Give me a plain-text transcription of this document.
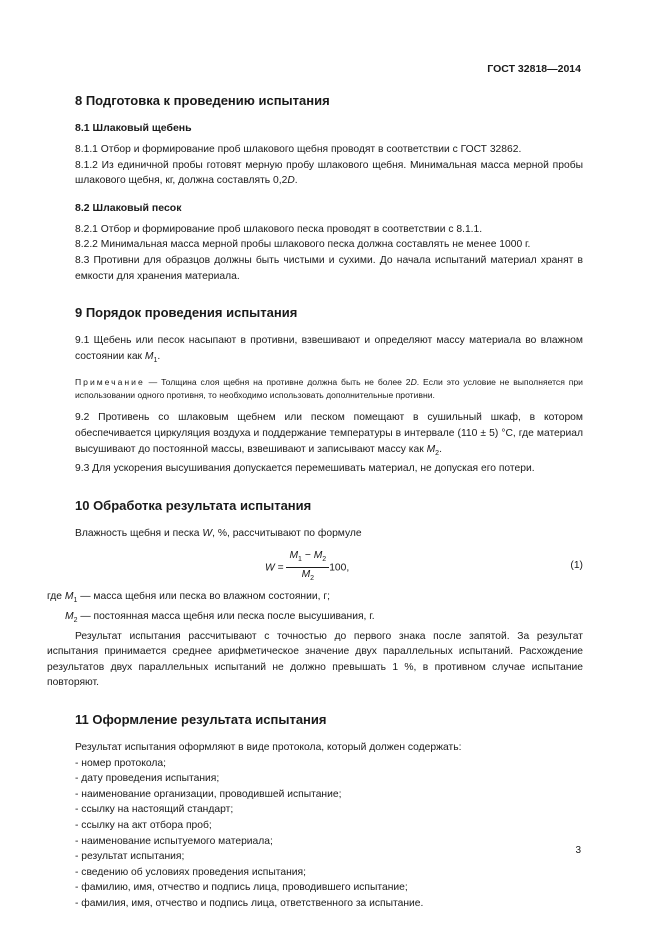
ГОСТ 32818—2014
8 Подготовка к проведению испытания
8.1 Шлаковый щебень

8.1.1 Отбор и формирование проб шлакового щебня проводят в соответствии с ГОСТ 32862.

8.1.2 Из единичной пробы готовят мерную пробу шлакового щебня. Минимальная масса мерной пробы шлакового щебня, кг, должна составлять 0,2D.

8.2 Шлаковый песок

8.2.1 Отбор и формирование проб шлакового песка проводят в соответствии с 8.1.1.

8.2.2 Минимальная масса мерной пробы шлакового песка должна составлять не менее 1000 г.

8.3 Противни для образцов должны быть чистыми и сухими. До начала испытаний материал хранят в емкости для хранения материала.

9 Порядок проведения испытания

9.1 Щебень или песок насыпают в противни, взвешивают и определяют массу материала во влажном состоянии как $M_1$.

Примечание — Толщина слоя щебня на противне должна быть не более 2D. Если это условие не выполняется при использовании одного противня, то необходимо использовать дополнительные противни.

9.2 Противень со шлаковым щебнем или песком помещают в сушильный шкаф, в котором обеспечивается циркуляция воздуха и поддержание температуры в интервале (110 ± 5) °С, где материал высушивают до постоянной массы, взвешивают и записывают массу как $M_2$.

9.3 Для ускорения высушивания допускается перемешивать материал, не допуская его потери.

10 Обработка результата испытания

Влажность щебня и песка W, %, рассчитывают по формуле

$W = \frac{M_1 - M_2}{M_2} 100$,	(1)

где $M_1$ — масса щебня или песка во влажном состоянии, г;

$M_2$ — постоянная масса щебня или песка после высушивания, г.

Результат испытания рассчитывают с точностью до первого знака после запятой. За результат испытания принимается среднее арифметическое значение двух параллельных испытаний. Расхождение результатов двух параллельных испытаний не должно превышать 1 %, в противном случае испытание повторяют.

11 Оформление результата испытания

Результат испытания оформляют в виде протокола, который должен содержать:

- номер протокола;

- дату проведения испытания;

- наименование организации, проводившей испытание;

- ссылку на настоящий стандарт;

- ссылку на акт отбора проб;

- наименование испытуемого материала;

- результат испытания;

- сведению об условиях проведения испытания;

- фамилию, имя, отчество и подпись лица, проводившего испытание;

- фамилия, имя, отчество и подпись лица, ответственного за испытание.

3
